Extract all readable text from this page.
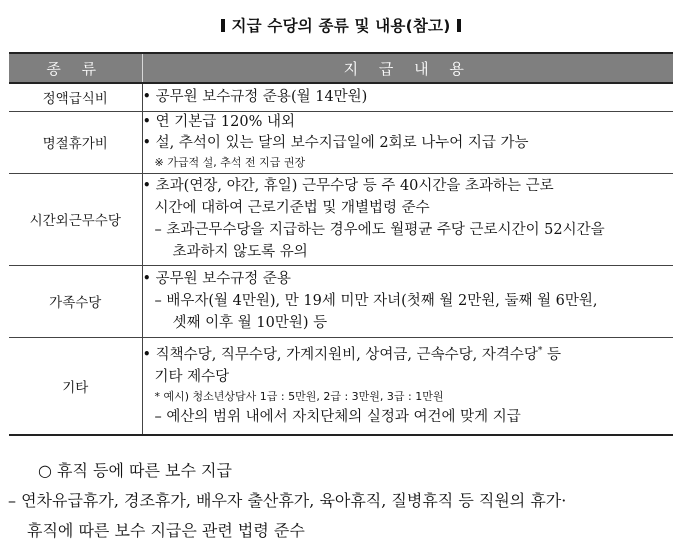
지급 수당의 종류 및 내용(참고)
종 류	지 급 내 용
정액급식비	• 공무원 보수규정 준용(월 14만원)

명절휴가비	• 연 기본급 120% 내외
• 설, 추석이 있는 달의 보수지급일에 2회로 나누어 지급 가능
※ 가급적 설, 추석 전 지급 권장

시간외근무수당	• 초과(연장, 야간, 휴일) 근무수당 등 주 40시간을 초과하는 근로
시간에 대하여 근로기준법 및 개별법령 준수
– 초과근무수당을 지급하는 경우에도 월평균 주당 근로시간이 52시간을
초과하지 않도록 유의

가족수당	• 공무원 보수규정 준용
– 배우자(월 4만원), 만 19세 미만 자녀(첫째 월 2만원, 둘째 월 6만원,
셋째 이후 월 10만원) 등

기타	• 직책수당, 직무수당, 가계지원비, 상여금, 근속수당, 자격수당* 등
기타 제수당
* 예시) 청소년상담사 1급 : 5만원, 2급 : 3만원, 3급 : 1만원
– 예산의 범위 내에서 자치단체의 실정과 여건에 맞게 지급
○ 휴직 등에 따른 보수 지급
– 연차유급휴가, 경조휴가, 배우자 출산휴가, 육아휴직, 질병휴직 등 직원의 휴가·
휴직에 따른 보수 지급은 관련 법령 준수
